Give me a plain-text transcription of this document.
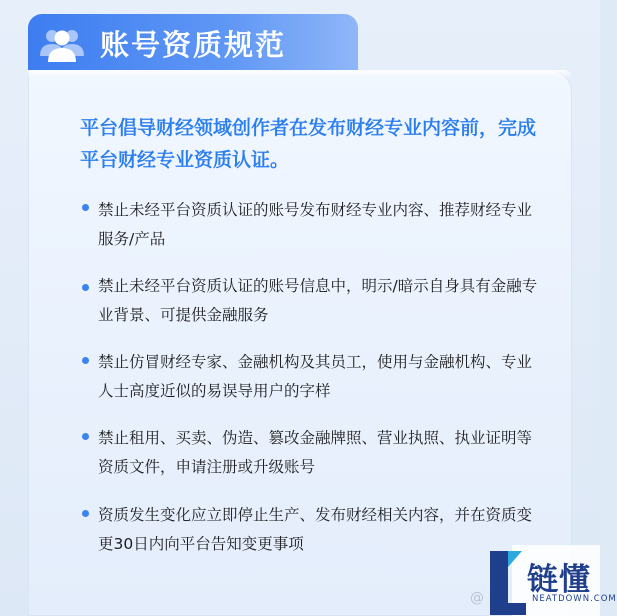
账号资质规范
平台倡导财经领域创作者在发布财经专业内容前，完成平台财经专业资质认证。
禁止未经平台资质认证的账号发布财经专业内容、推荐财经专业服务/产品
禁止未经平台资质认证的账号信息中，明示/暗示自身具有金融专业背景、可提供金融服务
禁止仿冒财经专家、金融机构及其员工，使用与金融机构、专业人士高度近似的易误导用户的字样
禁止租用、买卖、伪造、篡改金融牌照、营业执照、执业证明等资质文件，申请注册或升级账号
资质发生变化应立即停止生产、发布财经相关内容，并在资质变更30日内向平台告知变更事项
@ 链懂
NEATDOWN.COM
